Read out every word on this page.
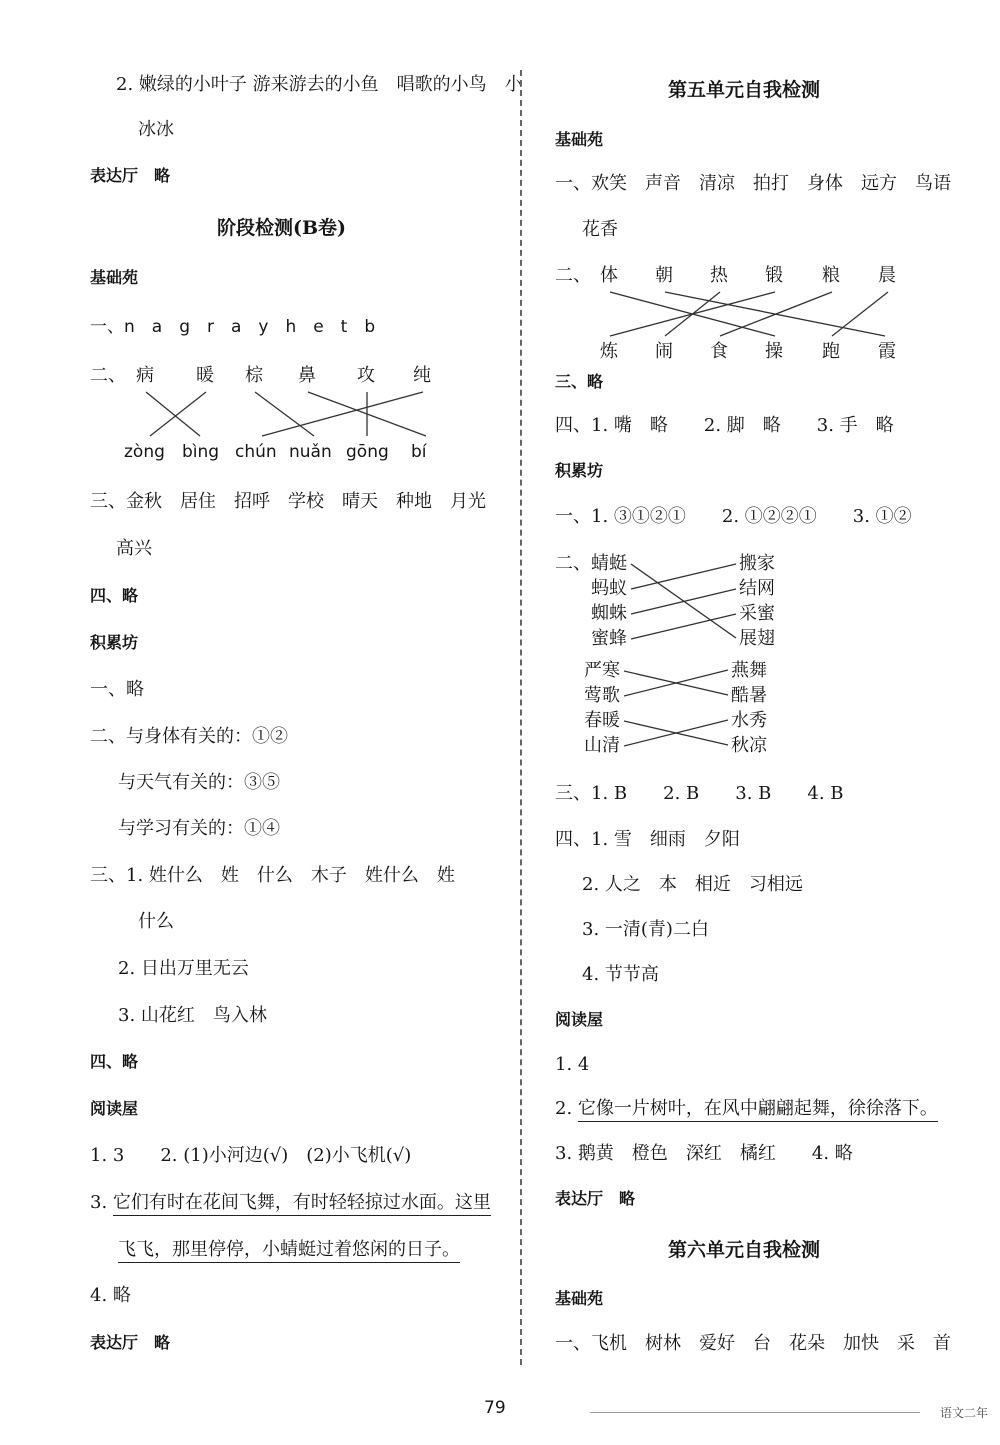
2. 嫩绿的小叶子 游来游去的小鱼　唱歌的小鸟　小
冰冰
表达厅　略
阶段检测(B卷)
基础苑
一、n　a　g　r　a　y　h　e　t　b
二、 病 暖 棕 鼻 攻 纯
zòng bìng chún nuǎn gōng bí
三、金秋　居住　招呼　学校　晴天　种地　月光
高兴
四、略
积累坊
一、略
二、与身体有关的：①②
与天气有关的：③⑤
与学习有关的：①④
三、1. 姓什么　姓　什么　木子　姓什么　姓
什么
2. 日出万里无云
3. 山花红　鸟入林
四、略
阅读屋
1. 3　　2. (1)小河边(√)　(2)小飞机(√)
3. 它们有时在花间飞舞，有时轻轻掠过水面。这里
飞飞，那里停停，小蜻蜓过着悠闲的日子。
4. 略
表达厅　略
第五单元自我检测
基础苑
一、欢笑　声音　清凉　拍打　身体　远方　鸟语
花香
二、 体 朝 热 锻 粮 晨
炼 闹 食 操 跑 霞
三、略
四、1. 嘴　略　　2. 脚　略　　3. 手　略
积累坊
一、1. ③①②①　　2. ①②②①　　3. ①②
二、 蜻蜓
蚂蚁
蜘蛛
蜜蜂
搬家
结网
采蜜
展翅
严寒
莺歌
春暖
山清
燕舞
酷暑
水秀
秋凉
三、1. B　　2. B　　3. B　　4. B
四、1. 雪　细雨　夕阳
2. 人之　本　相近　习相远
3. 一清(青)二白
4. 节节高
阅读屋
1. 4
2. 它像一片树叶，在风中翩翩起舞，徐徐落下。
3. 鹅黄　橙色　深红　橘红　　4. 略
表达厅　略
第六单元自我检测
基础苑
一、飞机　树林　爱好　台　花朵　加快　采　首
79	语文二年
